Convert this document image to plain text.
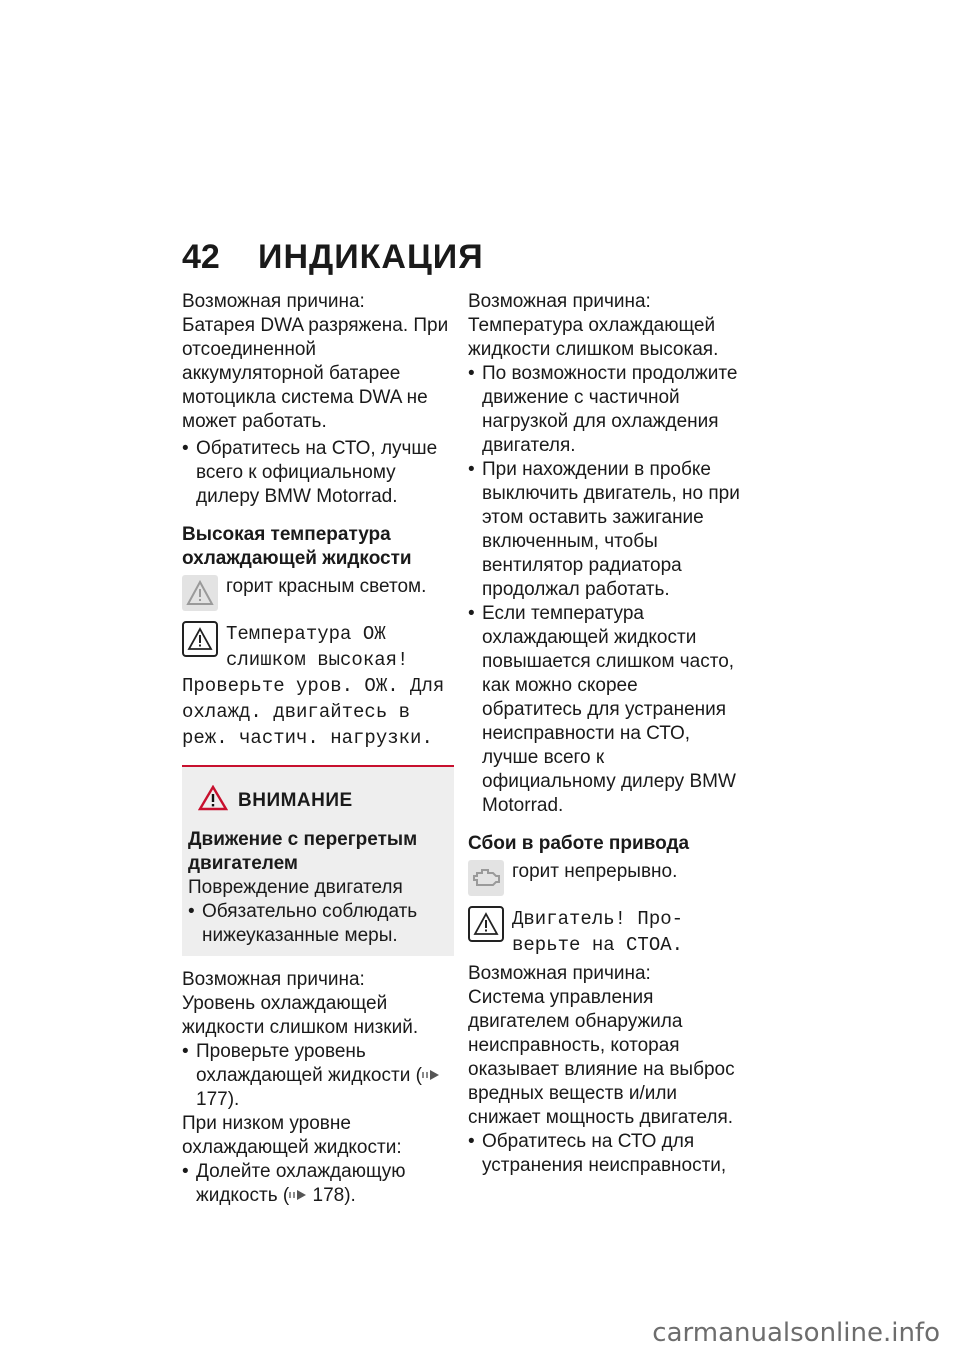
42	ИНДИКАЦИЯ

Возможная причина:

Батарея DWA разряжена. При отсоединенной аккумуляторной батарее мотоцикла система DWA не может работать.

• Обратитесь на СТО, лучше всего к официальному дилеру BMW Motorrad.

Высокая температура охлаждающей жидкости

горит красным светом.

Температура ОЖ

слишком высокая!

Проверьте уров. ОЖ. Для

охлажд. двигайтесь в

реж. частич. нагрузки.

ВНИМАНИЕ

Движение с перегретым двигателем

Повреждение двигателя

• Обязательно соблюдать нижеуказанные меры.

Возможная причина:

Уровень охлаждающей жидкости слишком низкий.

• Проверьте уровень охлаждающей жидкости ( 177).

При низком уровне охлаждающей жидкости:

• Долейте охлаждающую жидкость ( 178).

Возможная причина:

Температура охлаждающей жидкости слишком высокая.

• По возможности продолжите движение с частичной нагрузкой для охлаждения двигателя.

• При нахождении в пробке выключить двигатель, но при этом оставить зажигание включенным, чтобы вентилятор радиатора продолжал работать.

• Если температура охлаждающей жидкости повышается слишком часто, как можно скорее обратитесь для устранения неисправности на СТО, лучше всего к официальному дилеру BMW Motorrad.

Сбои в работе привода

горит непрерывно.

Двигатель! Про-

верьте на СТОА.

Возможная причина:

Система управления двигателем обнаружила неисправность, которая оказывает влияние на выброс вредных веществ и/или снижает мощность двигателя.

• Обратитесь на СТО для устранения неисправности,

carmanualsonline.info
